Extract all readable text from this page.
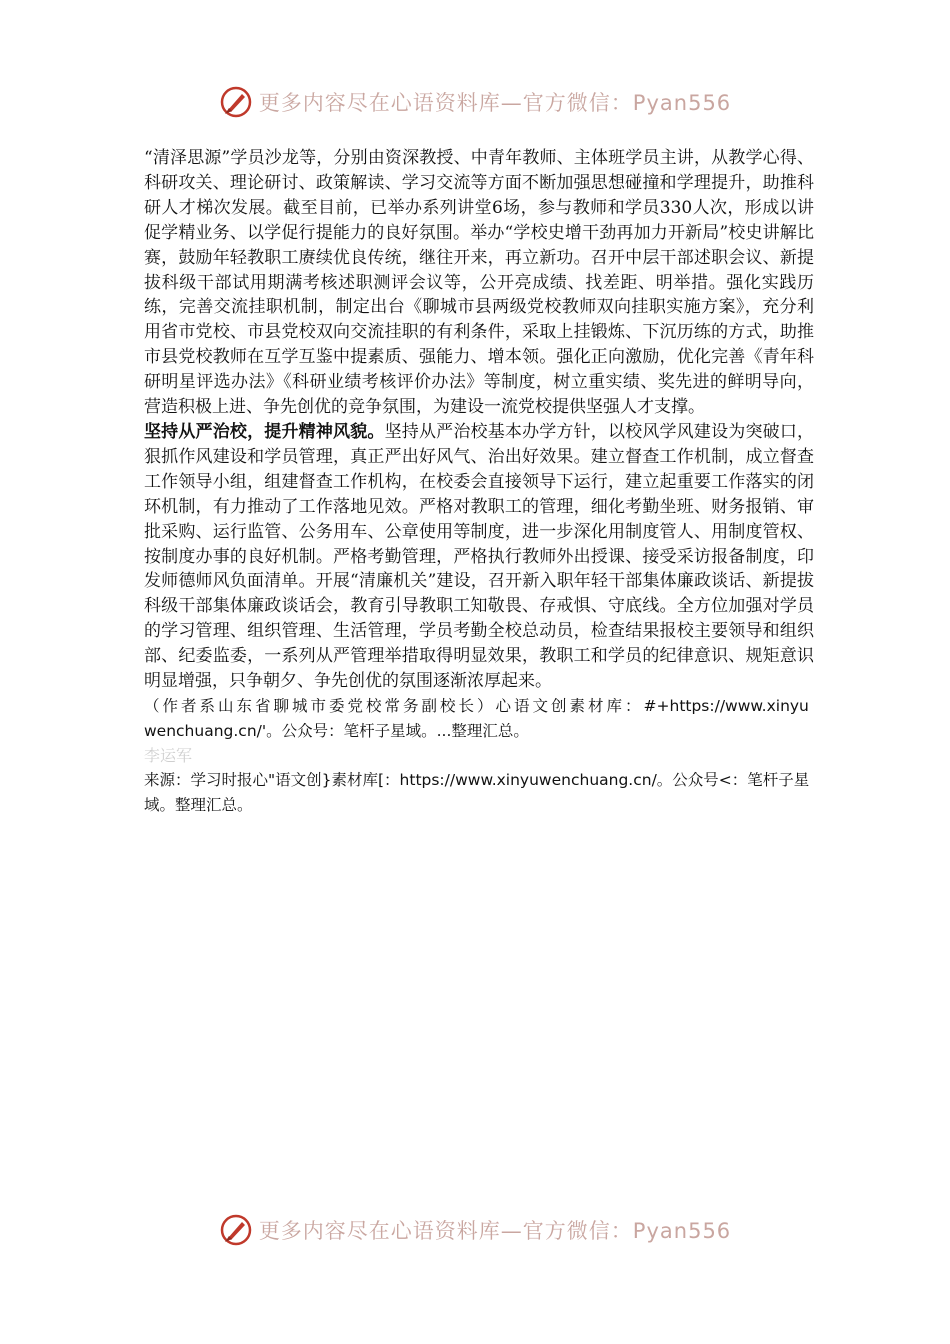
更多内容尽在心语资料库—官方微信：Pyan556

“清泽思源”学员沙龙等，分别由资深教授、中青年教师、主体班学员主讲，从教学心得、科研攻关、理论研讨、政策解读、学习交流等方面不断加强思想碰撞和学理提升，助推科研人才梯次发展。截至目前，已举办系列讲堂6场，参与教师和学员330人次，形成以讲促学精业务、以学促行提能力的良好氛围。举办“学校史增干劲再加力开新局”校史讲解比赛，鼓励年轻教职工赓续优良传统，继往开来，再立新功。召开中层干部述职会议、新提拔科级干部试用期满考核述职测评会议等，公开亮成绩、找差距、明举措。强化实践历练，完善交流挂职机制，制定出台《聊城市县两级党校教师双向挂职实施方案》，充分利用省市党校、市县党校双向交流挂职的有利条件，采取上挂锻炼、下沉历练的方式，助推市县党校教师在互学互鉴中提素质、强能力、增本领。强化正向激励，优化完善《青年科研明星评选办法》《科研业绩考核评价办法》等制度，树立重实绩、奖先进的鲜明导向，营造积极上进、争先创优的竞争氛围，为建设一流党校提供坚强人才支撑。

坚持从严治校，提升精神风貌。坚持从严治校基本办学方针，以校风学风建设为突破口，狠抓作风建设和学员管理，真正严出好风气、治出好效果。建立督查工作机制，成立督查工作领导小组，组建督查工作机构，在校委会直接领导下运行，建立起重要工作落实的闭环机制，有力推动了工作落地见效。严格对教职工的管理，细化考勤坐班、财务报销、审批采购、运行监管、公务用车、公章使用等制度，进一步深化用制度管人、用制度管权、按制度办事的良好机制。严格考勤管理，严格执行教师外出授课、接受采访报备制度，印发师德师风负面清单。开展“清廉机关”建设，召开新入职年轻干部集体廉政谈话、新提拔科级干部集体廉政谈话会，教育引导教职工知敬畏、存戒惧、守底线。全方位加强对学员的学习管理、组织管理、生活管理，学员考勤全校总动员，检查结果报校主要领导和组织部、纪委监委，一系列从严管理举措取得明显效果，教职工和学员的纪律意识、规矩意识明显增强，只争朝夕、争先创优的氛围逐渐浓厚起来。

（作者系山东省聊城市委党校常务副校长）心语文创素材库：#+https://www.xinyuwenchuang.cn/'。公众号：笔杆子星域。...整理汇总。

李运军

来源：学习时报心"语文创}素材库[：https://www.xinyuwenchuang.cn/。公众号<：笔杆子星域。整理汇总。

更多内容尽在心语资料库—官方微信：Pyan556
